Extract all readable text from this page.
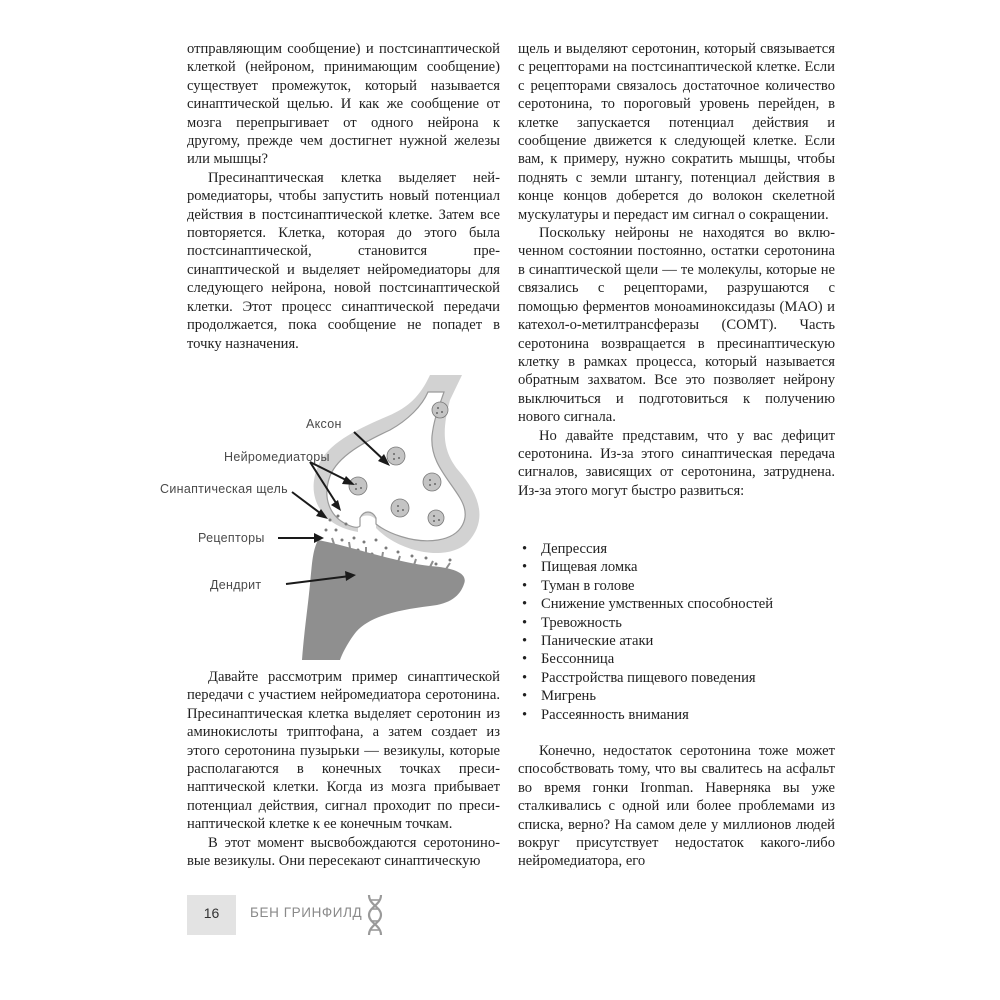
отправляющим сообщение) и постсинаптической клеткой (нейроном, принимающим сообщение) существует промежуток, который называется синаптической щелью. И как же сообщение от мозга перепрыгивает от одного нейрона к другому, прежде чем достигнет нужной железы или мышцы?

Пресинаптическая клетка выделяет нейромедиаторы, чтобы запустить новый потенциал действия в постсинаптической клетке. Затем все повторяется. Клетка, которая до этого была постсинаптической, становится пресинаптической и выделяет нейромедиаторы для следующего нейрона, новой постсинаптической клетки. Этот процесс синаптической передачи продолжается, пока сообщение не попадет в точку назначения.

Аксон
Нейромедиаторы
Синаптическая щель
Рецепторы
Дендрит

Давайте рассмотрим пример синаптической передачи с участием нейромедиатора серотонина. Пресинаптическая клетка выделяет серотонин из аминокислоты триптофана, а затем создает из этого серотонина пузырьки — везикулы, которые располагаются в конечных точках пресинаптической клетки. Когда из мозга прибывает потенциал действия, сигнал проходит по пресинаптической клетке к ее конечным точкам.

В этот момент высвобождаются серотониновые везикулы. Они пересекают синаптическую

щель и выделяют серотонин, который связывается с рецепторами на постсинаптической клетке. Если с рецепторами связалось достаточное количество серотонина, то пороговый уровень перейден, в клетке запускается потенциал действия и сообщение движется к следующей клетке. Если вам, к примеру, нужно сократить мышцы, чтобы поднять с земли штангу, потенциал действия в конце концов доберется до волокон скелетной мускулатуры и передаст им сигнал о сокращении.

Поскольку нейроны не находятся во включенном состоянии постоянно, остатки серотонина в синаптической щели — те молекулы, которые не связались с рецепторами, разрушаются с помощью ферментов моноаминоксидазы (МАО) и катехол-о-метилтрансферазы (COMT). Часть серотонина возвращается в пресинаптическую клетку в рамках процесса, который называется обратным захватом. Все это позволяет нейрону выключиться и подготовиться к получению нового сигнала.

Но давайте представим, что у вас дефицит серотонина. Из-за этого синаптическая передача сигналов, зависящих от серотонина, затруднена. Из-за этого могут быстро развиться:

• Депрессия
• Пищевая ломка
• Туман в голове
• Снижение умственных способностей
• Тревожность
• Панические атаки
• Бессонница
• Расстройства пищевого поведения
• Мигрень
• Рассеянность внимания

Конечно, недостаток серотонина тоже может способствовать тому, что вы свалитесь на асфальт во время гонки Ironman. Наверняка вы уже сталкивались с одной или более проблемами из списка, верно? На самом деле у миллионов людей вокруг присутствует недостаток какого-либо нейромедиатора, его

16	БЕН ГРИНФИЛД
